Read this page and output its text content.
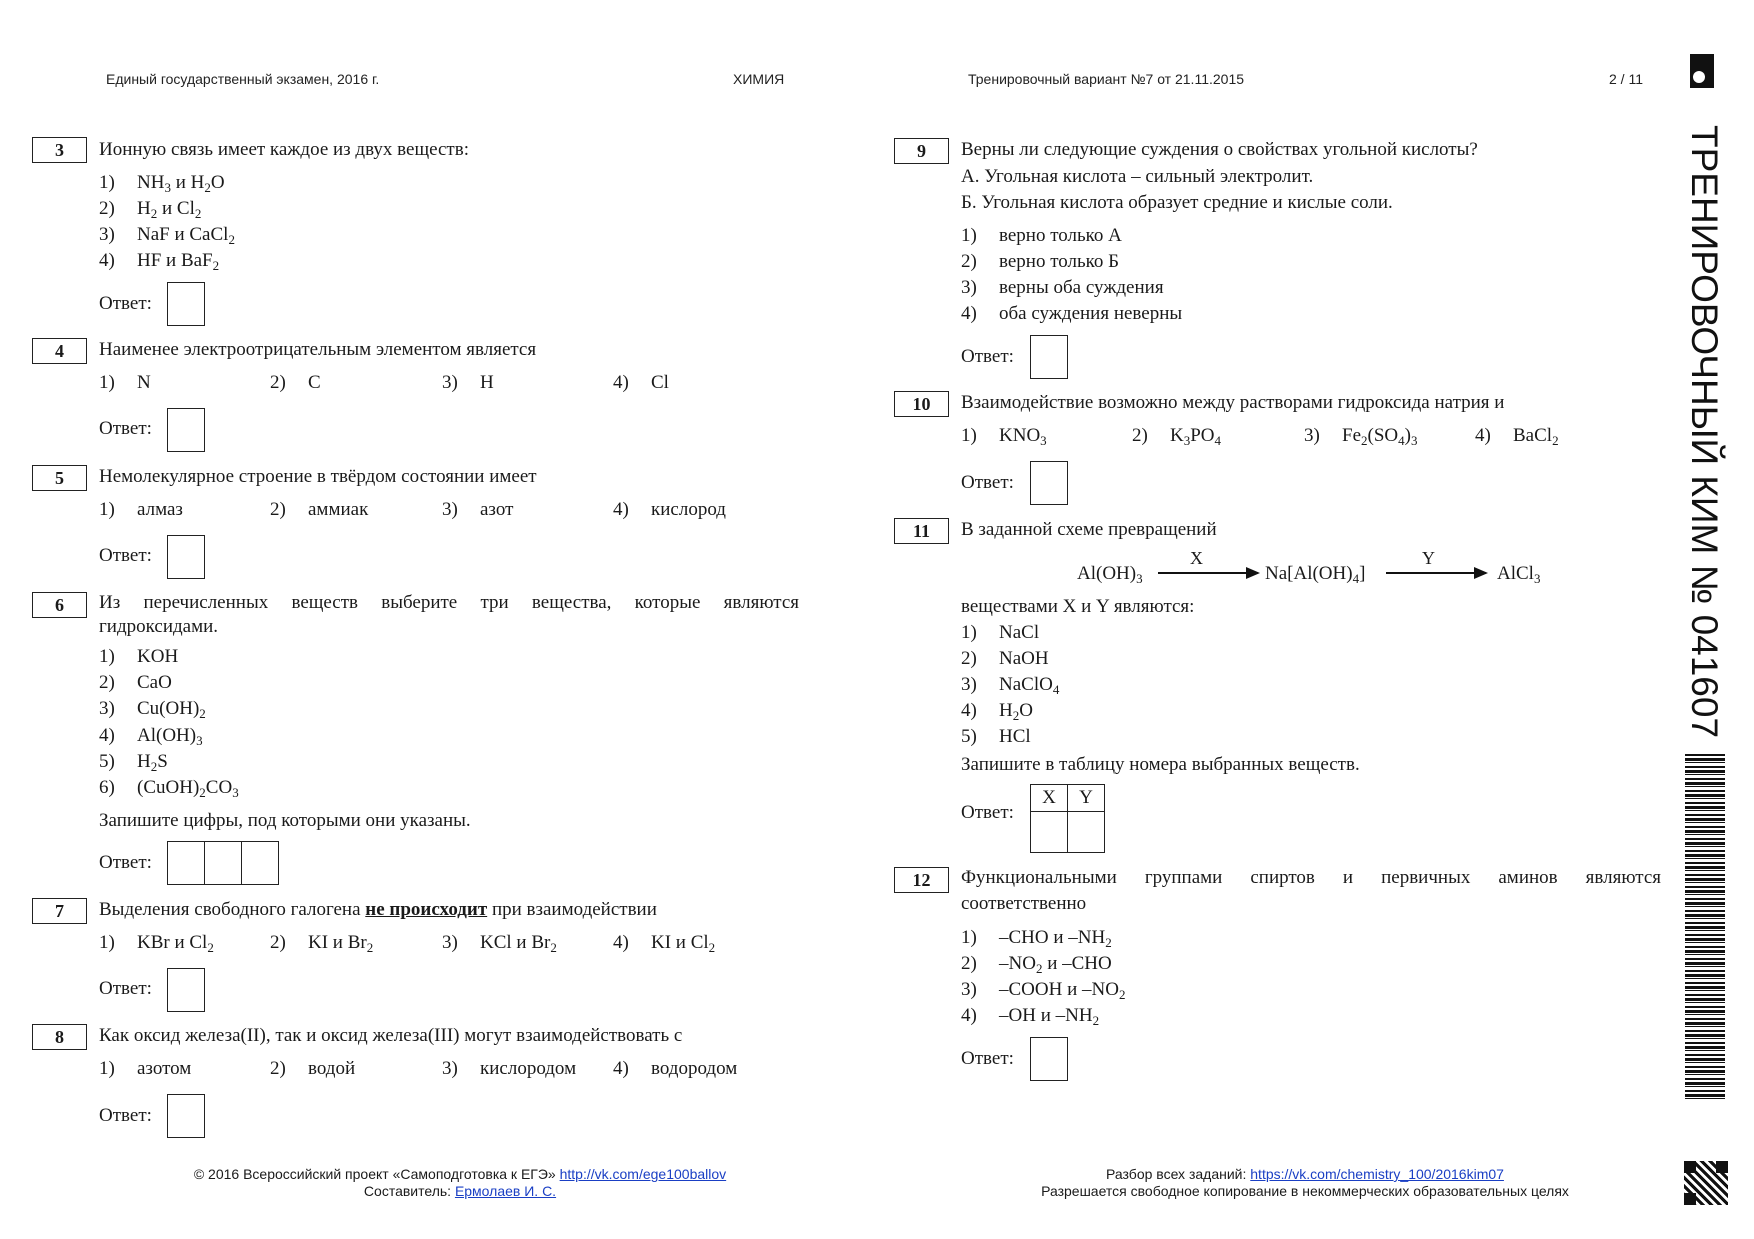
Единый государственный экзамен, 2016 г.	ХИМИЯ	Тренировочный вариант №7 от 21.11.2015	2 / 11
ТРЕНИРОВОЧНЫЙ КИМ № 041607
3	Ионную связь имеет каждое из двух веществ:
1) $NH_3$ и $H_2O$
2) $H_2$ и $Cl_2$
3) NaF и CaCl$_2$
4) HF и BaF$_2$
Ответ:
4	Наименее электроотрицательным элементом является
1) N	2) C	3) H	4) Cl
Ответ:
5	Немолекулярное строение в твёрдом состоянии имеет
1) алмаз	2) аммиак	3) азот	4) кислород
Ответ:
6	Из перечисленных веществ выберите три вещества, которые являются
гидроксидами.
1) KOH
2) CaO
3) $Cu(OH)_2$
4) $Al(OH)_3$
5) $H_2S$
6) $(CuOH)_2CO_3$
Запишите цифры, под которыми они указаны.
Ответ:
7	Выделения свободного галогена не происходит при взаимодействии
1) KBr и $Cl_2$	2) KI и $Br_2$	3) KCl и $Br_2$	4) KI и $Cl_2$
Ответ:
8	Как оксид железа(II), так и оксид железа(III) могут взаимодействовать с
1) азотом	2) водой	3) кислородом 4) водородом
Ответ:
9	Верны ли следующие суждения о свойствах угольной кислоты?
А. Угольная кислота – сильный электролит.
Б. Угольная кислота образует средние и кислые соли.
1) верно только А
2) верно только Б
3) верны оба суждения
4) оба суждения неверны
Ответ:
10	Взаимодействие возможно между растворами гидроксида натрия и
1) $KNO_3$	2) $K_3PO_4$	3) $Fe_2(SO_4)_3$	4) BaCl$_2$
Ответ:
11	В заданной схеме превращений
$Al(OH)_3$
X
$Na[Al(OH)_4]$
Y
AlCl$_3$
веществами X и Y являются:
1) NaCl
2) NaOH
3) NaClO$_4$
4) $H_2O$
5) HCl
Запишите в таблицу номера выбранных веществ.
Ответ:
X	Y

12	Функциональными группами спиртов и первичных аминов являются
соответственно
1) –CHO и $-NH_2$
2) $-NO_2$ и –CHO
3) –COOH и $-NO_2$
4) –OH и $-NH_2$
Ответ:
© 2016 Всероссийский проект «Самоподготовка к ЕГЭ» http://vk.com/ege100ballov
Составитель: Ермолаев И. С.
Разбор всех заданий: https://vk.com/chemistry_100/2016kim07
Разрешается свободное копирование в некоммерческих образовательных целях
